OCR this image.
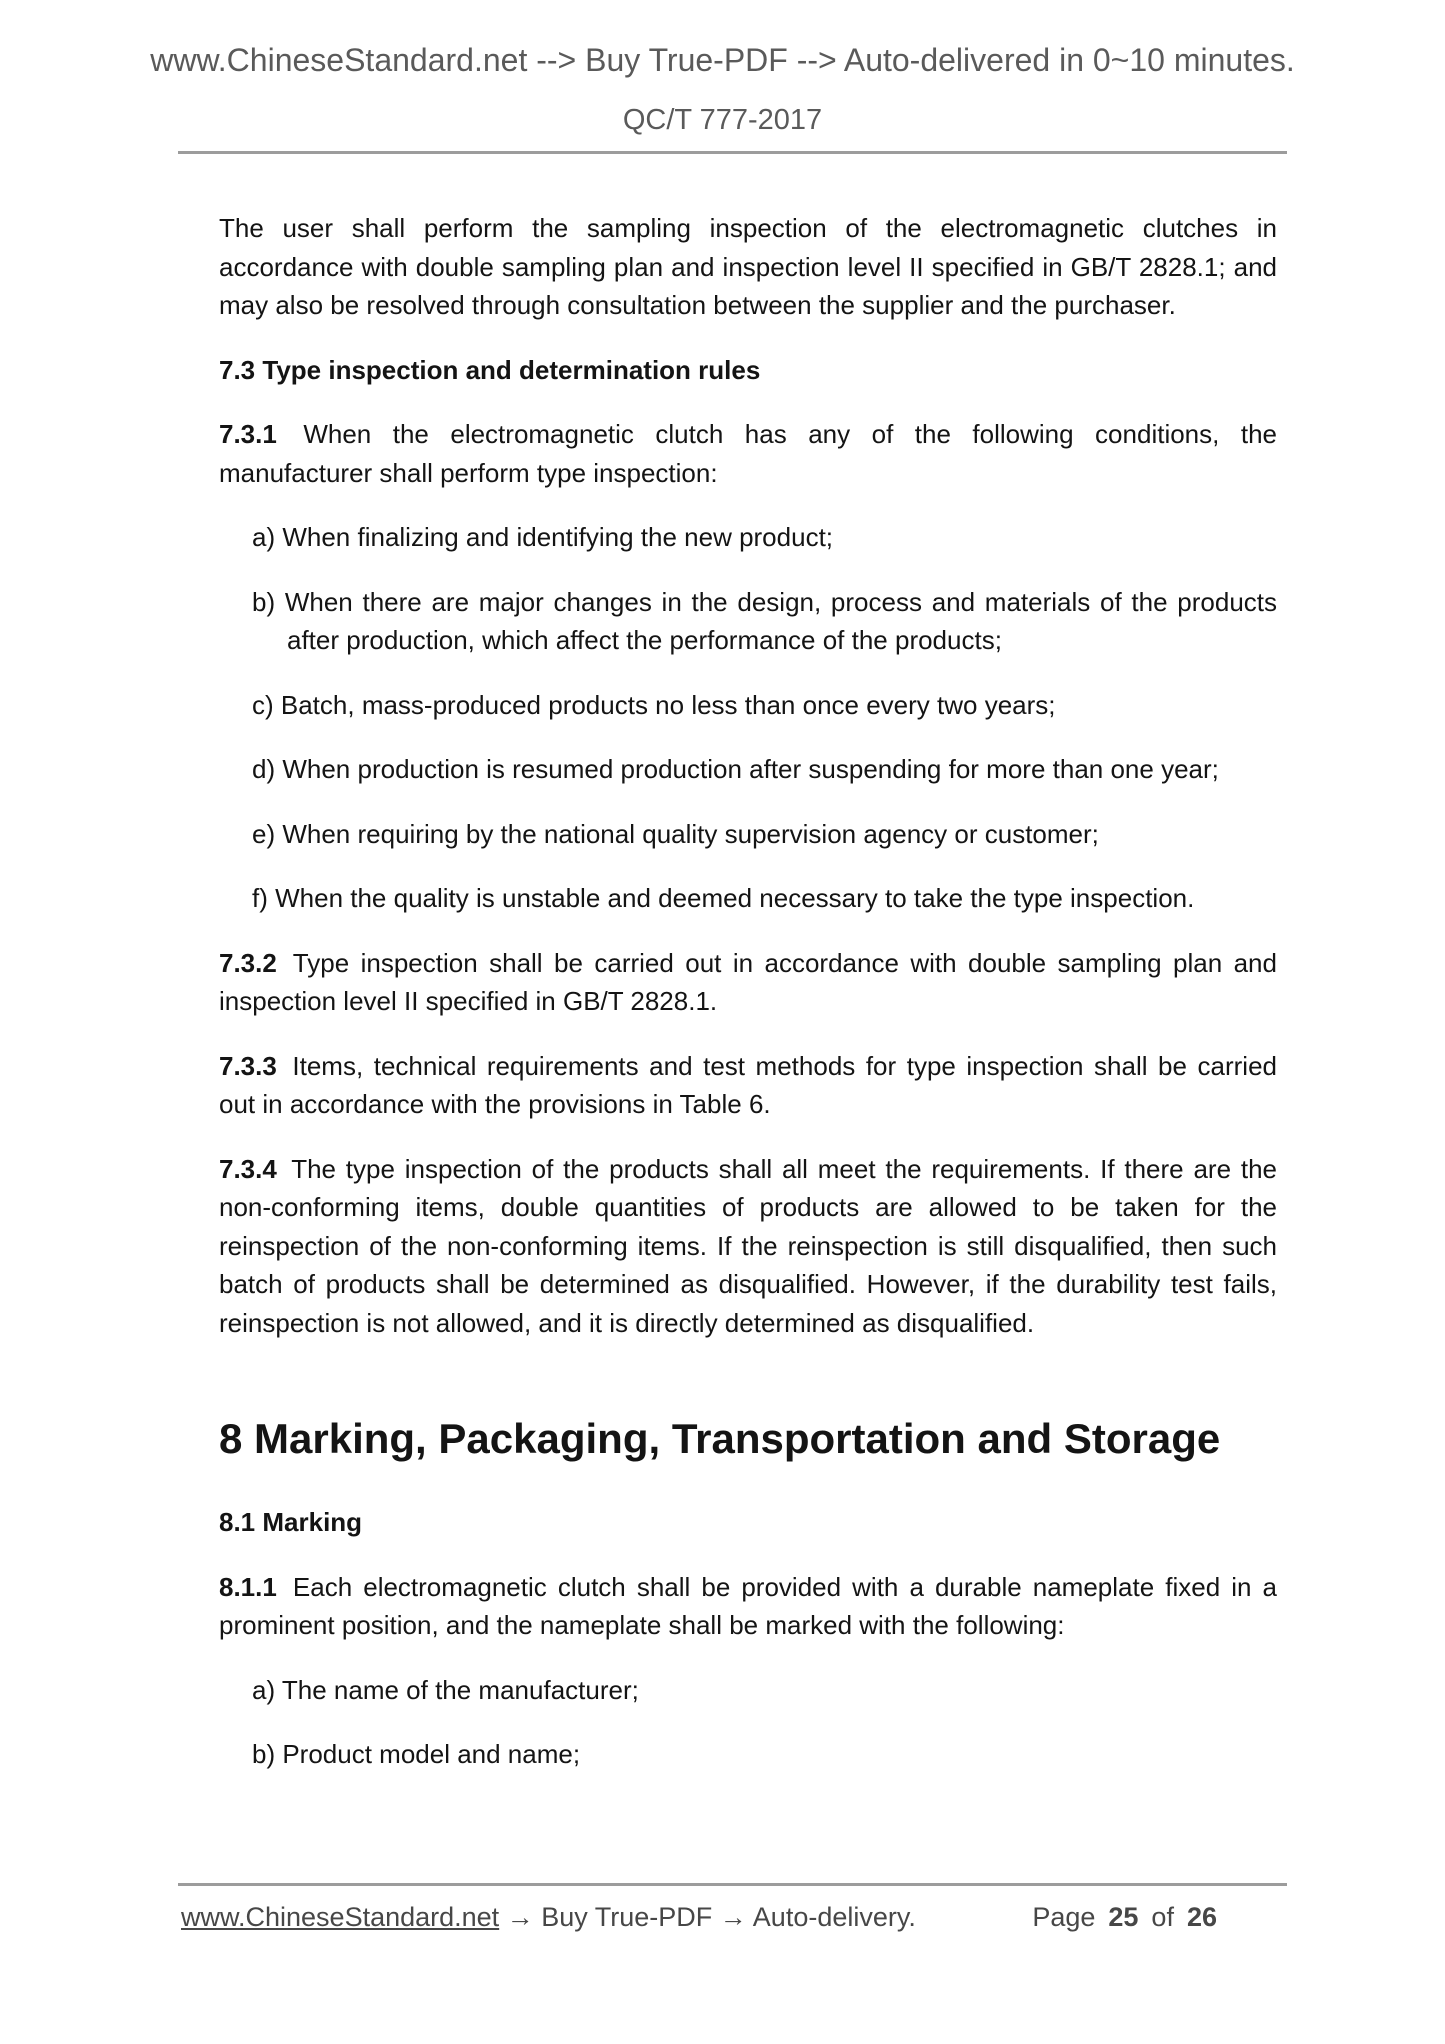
www.ChineseStandard.net --> Buy True-PDF --> Auto-delivered in 0~10 minutes.
QC/T 777-2017

The user shall perform the sampling inspection of the electromagnetic clutches in accordance with double sampling plan and inspection level II specified in GB/T 2828.1; and may also be resolved through consultation between the supplier and the purchaser.

7.3 Type inspection and determination rules

7.3.1 When the electromagnetic clutch has any of the following conditions, the manufacturer shall perform type inspection:

a) When finalizing and identifying the new product;
b) When there are major changes in the design, process and materials of the products after production, which affect the performance of the products;
c) Batch, mass-produced products no less than once every two years;
d) When production is resumed production after suspending for more than one year;
e) When requiring by the national quality supervision agency or customer;
f) When the quality is unstable and deemed necessary to take the type inspection.

7.3.2 Type inspection shall be carried out in accordance with double sampling plan and inspection level II specified in GB/T 2828.1.

7.3.3 Items, technical requirements and test methods for type inspection shall be carried out in accordance with the provisions in Table 6.

7.3.4 The type inspection of the products shall all meet the requirements. If there are the non-conforming items, double quantities of products are allowed to be taken for the reinspection of the non-conforming items. If the reinspection is still disqualified, then such batch of products shall be determined as disqualified. However, if the durability test fails, reinspection is not allowed, and it is directly determined as disqualified.

8 Marking, Packaging, Transportation and Storage
8.1 Marking

8.1.1 Each electromagnetic clutch shall be provided with a durable nameplate fixed in a prominent position, and the nameplate shall be marked with the following:

a) The name of the manufacturer;
b) Product model and name;
www.ChineseStandard.net → Buy True-PDF → Auto-delivery.	Page 25 of 26
